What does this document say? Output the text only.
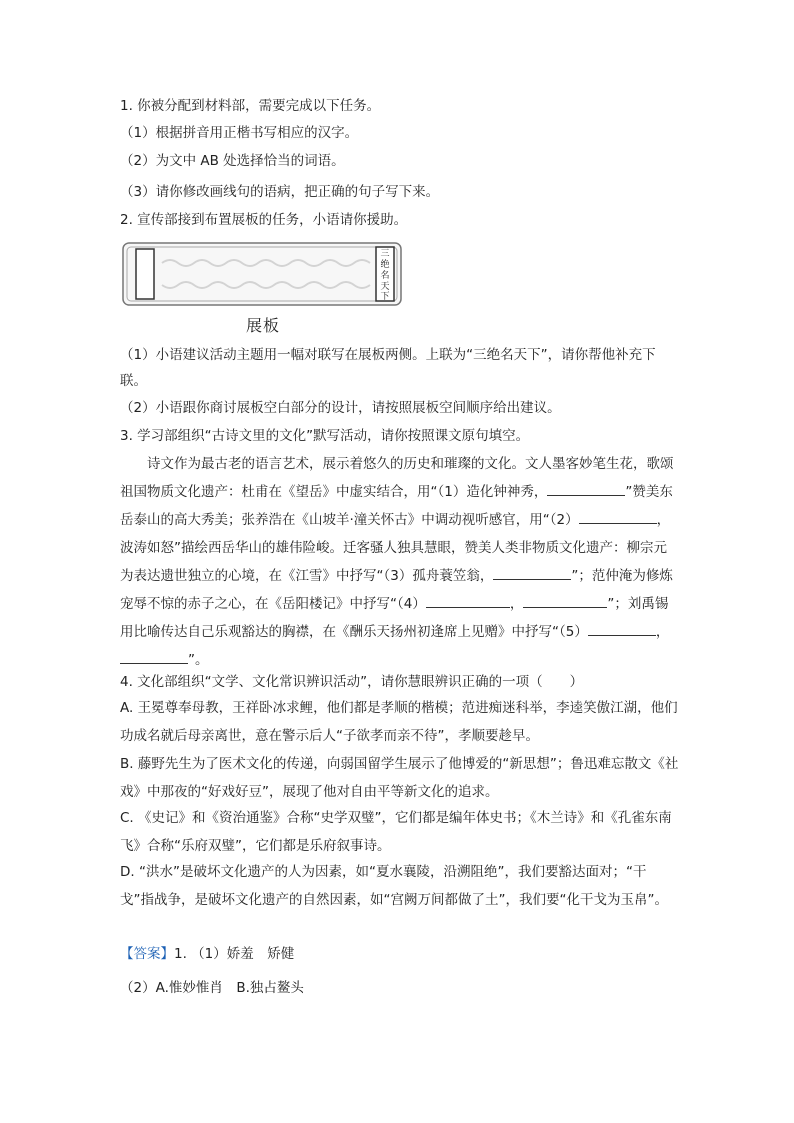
1. 你被分配到材料部，需要完成以下任务。
（1）根据拼音用正楷书写相应的汉字。
（2）为文中 AB 处选择恰当的词语。
（3）请你修改画线句的语病，把正确的句子写下来。
2. 宣传部接到布置展板的任务，小语请你援助。
三
绝
名
天
下
展板
（1）小语建议活动主题用一幅对联写在展板两侧。上联为“三绝名天下”，请你帮他补充下联。
（2）小语跟你商讨展板空白部分的设计，请按照展板空间顺序给出建议。
3. 学习部组织“古诗文里的文化”默写活动，请你按照课文原句填空。
诗文作为最古老的语言艺术，展示着悠久的历史和璀璨的文化。文人墨客妙笔生花，歌颂祖国物质文化遗产：杜甫在《望岳》中虚实结合，用“（1）造化钟神秀，	”赞美东岳泰山的高大秀美；张养浩在《山坡羊·潼关怀古》中调动视听感官，用“（2）	，波涛如怒”描绘西岳华山的雄伟险峻。迁客骚人独具慧眼，赞美人类非物质文化遗产：柳宗元为表达遗世独立的心境，在《江雪》中抒写“（3）孤舟蓑笠翁，	”；范仲淹为修炼宠辱不惊的赤子之心，在《岳阳楼记》中抒写“（4）	，	”；刘禹锡用比喻传达自己乐观豁达的胸襟，在《酬乐天扬州初逢席上见赠》中抒写“（5）	，”。
4. 文化部组织“文学、文化常识辨识活动”，请你慧眼辨识正确的一项（　　）
A. 王冕尊奉母教，王祥卧冰求鲤，他们都是孝顺的楷模；范进痴迷科举，李逵笑傲江湖，他们功成名就后母亲离世，意在警示后人“子欲孝而亲不待”，孝顺要趁早。
B. 藤野先生为了医术文化的传递，向弱国留学生展示了他博爱的“新思想”；鲁迅难忘散文《社戏》中那夜的“好戏好豆”，展现了他对自由平等新文化的追求。
C. 《史记》和《资治通鉴》合称“史学双璧”，它们都是编年体史书；《木兰诗》和《孔雀东南飞》合称“乐府双璧”，它们都是乐府叙事诗。
D. “洪水”是破坏文化遗产的人为因素，如“夏水襄陵，沿溯阻绝”，我们要豁达面对；“干戈”指战争，是破坏文化遗产的自然因素，如“宫阙万间都做了土”，我们要“化干戈为玉帛”。
【答案】1. （1）娇羞　矫健
（2）A.惟妙惟肖　B.独占鳌头
